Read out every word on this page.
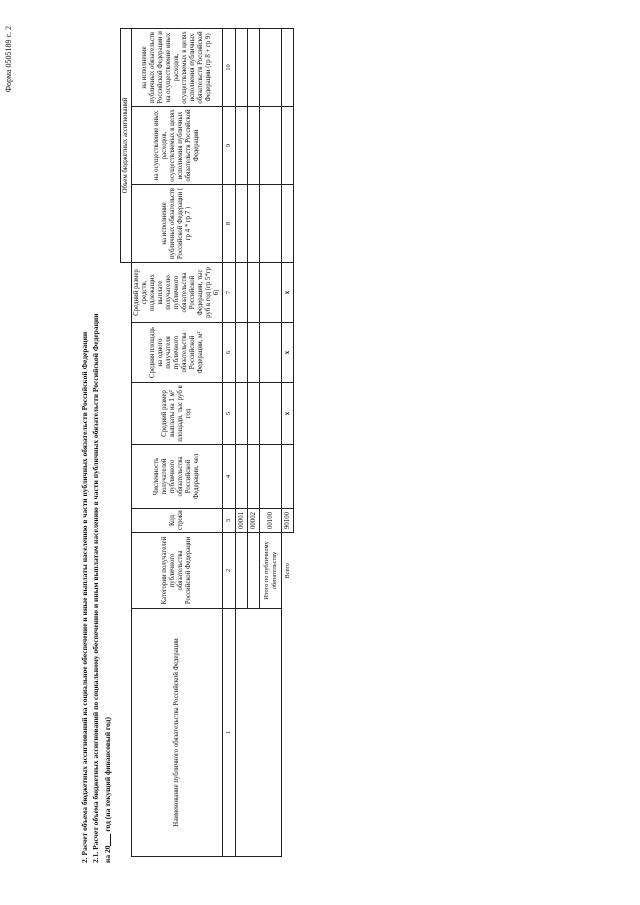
Форма 0505189 с. 2
2. Расчет объема бюджетных ассигнований на социальное обеспечение и иные выплаты населению в части публичных обязательств Российской Федерации 2.1. Расчет объема бюджетных ассигнований по социальному обеспечению и иным выплатам населению в части публичных обязательств Российской Федерации на 20 год (на текущий финансовый год)
							Объем бюджетных ассигнований		
Наименование публичного обязательства Российской Федерации	Категории получателей публичного обязательства Российской Федерации	Код строки	Численность получателей публичного обязательства Российской Федерации, чел	Средний размер выплаты на 1 м² площади, тыс руб в год	Средняя площадь на одного получателя публичного обязательства Российской Федерации, м²	Средний размер средств, подлежащих выплате получателю публичного обязательства Российской Федерации, тыс руб в год (гр 5*гр 6)	на исполнение публичных обязательств Российской Федерации ( гр 4 * гр 7 )	на осуществление иных расходов, осуществляемых в целях исполнения публичных обязательств Российской Федерации	на исполнение публичных обязательств Российской Федерации и на осуществление иных расходов, осуществляемых в целях исполнения публичных обязательств Российской Федерации (гр 8 + гр 9)
1	2	3	4	5	6	7	8	9	10
		00001							
		00002							
	Итого по публичному обязательству	00100							
	Всего	90100		x	x	x			
